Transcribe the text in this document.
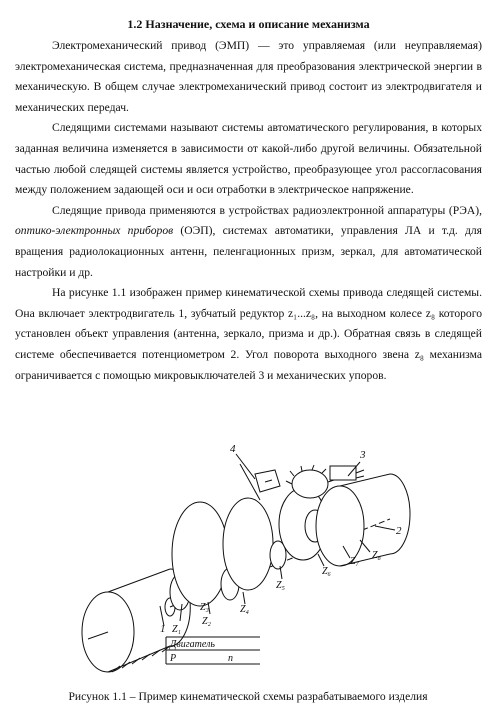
1.2 Назначение, схема и описание механизма

Электромеханический привод (ЭМП) — это управляемая (или неуправляемая) электромеханическая система, предназначенная для преобразования электрической энергии в механическую. В общем случае электромеханический привод состоит из электродвигателя и механических передач.

Следящими системами называют системы автоматического регулирования, в которых заданная величина изменяется в зависимости от какой-либо другой величины. Обязательной частью любой следящей системы является устройство, преобразующее угол рассогласования между положением задающей оси и оси отработки в электрическое напряжение.

Следящие привода применяются в устройствах радиоэлектронной аппаратуры (РЭА), оптико-электронных приборов (ОЭП), системах автоматики, управления ЛА и т.д. для вращения радиолокационных антенн, пеленгационных призм, зеркал, для автоматической настройки и др.

На рисунке 1.1 изображен пример кинематической схемы привода следящей системы. Она включает электродвигатель 1, зубчатый редуктор z₁...z₈, на выходном колесе z₈ которого установлен объект управления (антенна, зеркало, призма и др.). Обратная связь в следящей системе обеспечивается потенциометром 2. Угол поворота выходного звена z₈ механизма ограничивается с помощью микровыключателей 3 и механических упоров.

4	3
2
1 Z₁
Z₂
Z₄
Z₃
Z₅
Z₆
Z₇
Z₈
Двигатель
P	n
Рисунок 1.1 – Пример кинематической схемы разрабатываемого изделия
